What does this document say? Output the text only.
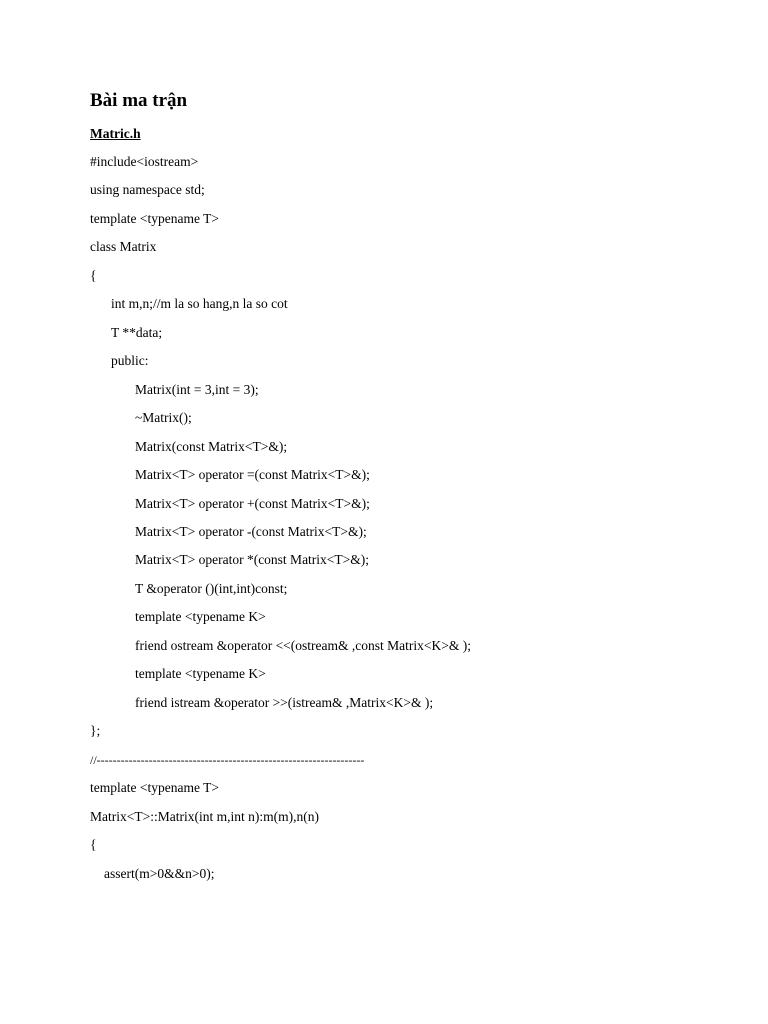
Bài ma trận
Matric.h
#include<iostream>
using namespace std;
template <typename T>
class Matrix
{
int m,n;//m la so hang,n la so cot
T **data;
public:
Matrix(int = 3,int = 3);
~Matrix();
Matrix(const Matrix<T>&);
Matrix<T> operator =(const Matrix<T>&);
Matrix<T> operator +(const Matrix<T>&);
Matrix<T> operator -(const Matrix<T>&);
Matrix<T> operator *(const Matrix<T>&);
T &operator ()(int,int)const;
template <typename K>
friend ostream &operator <<(ostream& ,const Matrix<K>& );
template <typename K>
friend istream &operator >>(istream& ,Matrix<K>& );
};
//-------------------------------------------------------------------
template <typename T>
Matrix<T>::Matrix(int m,int n):m(m),n(n)
{
assert(m>0&&n>0);
